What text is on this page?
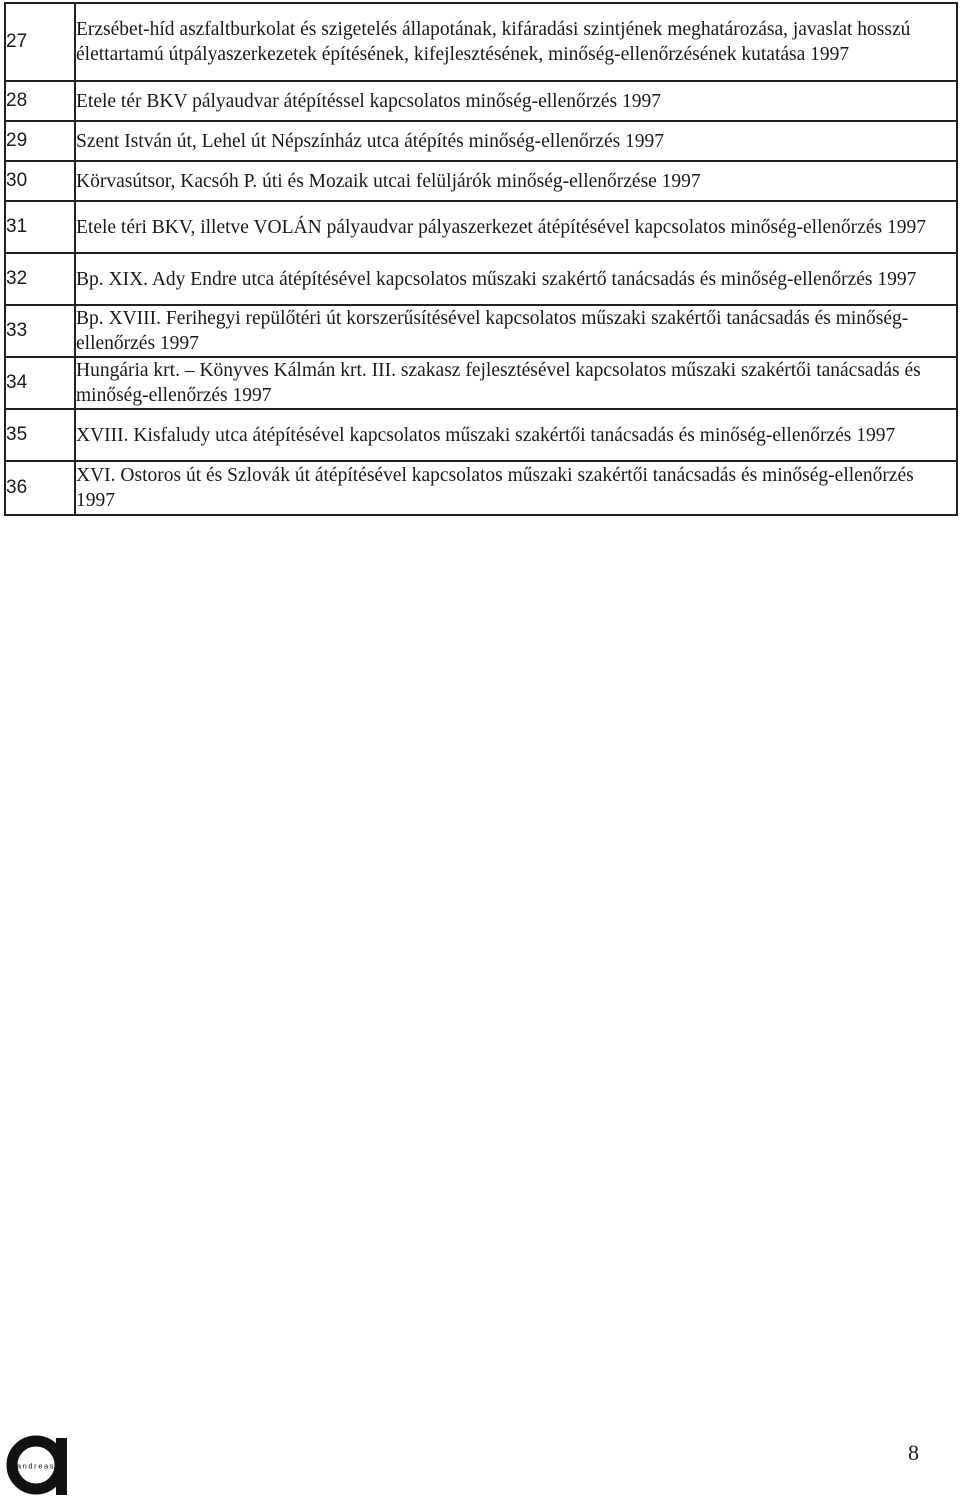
27	Erzsébet-híd aszfaltburkolat és szigetelés állapotának, kifáradási szintjének meghatározása, javaslat hosszú élettartamú útpályaszerkezetek építésének, kifejlesztésének, minőség-ellenőrzésének kutatása 1997
28	Etele tér BKV pályaudvar átépítéssel kapcsolatos minőség-ellenőrzés 1997
29	Szent István út, Lehel út Népszínház utca átépítés minőség-ellenőrzés 1997
30	Körvasútsor, Kacsóh P. úti és Mozaik utcai felüljárók minőség-ellenőrzése 1997
31	Etele téri BKV, illetve VOLÁN pályaudvar pályaszerkezet átépítésével kapcsolatos minőség-ellenőrzés 1997
32	Bp. XIX. Ady Endre utca átépítésével kapcsolatos műszaki szakértő tanácsadás és minőség-ellenőrzés 1997
33	Bp. XVIII. Ferihegyi repülőtéri út korszerűsítésével kapcsolatos műszaki szakértői tanácsadás és minőség-ellenőrzés 1997
34	Hungária krt. – Könyves Kálmán krt. III. szakasz fejlesztésével kapcsolatos műszaki szakértői tanácsadás és minőség-ellenőrzés 1997
35	XVIII. Kisfaludy utca átépítésével kapcsolatos műszaki szakértői tanácsadás és minőség-ellenőrzés 1997
36	XVI. Ostoros út és Szlovák út átépítésével kapcsolatos műszaki szakértői tanácsadás és minőség-ellenőrzés 1997
andreas
8
